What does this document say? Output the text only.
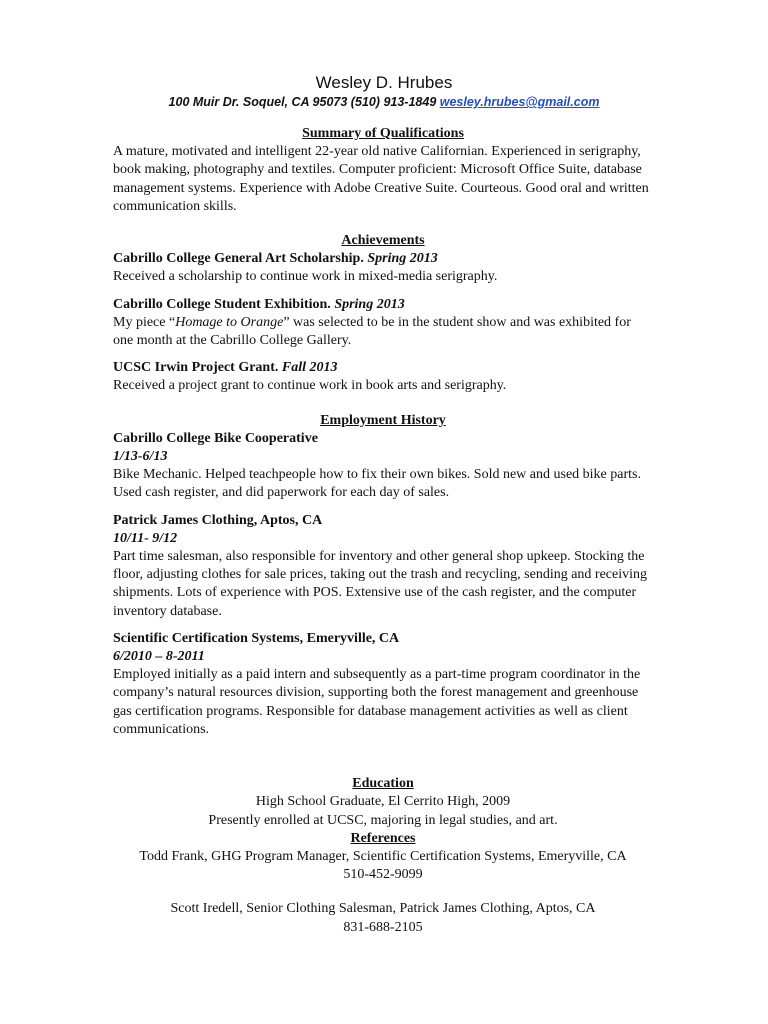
Wesley D. Hrubes
100 Muir Dr. Soquel, CA 95073 (510) 913-1849 wesley.hrubes@gmail.com

Summary of Qualifications

A mature, motivated and intelligent 22-year old native Californian. Experienced in serigraphy, book making, photography and textiles. Computer proficient: Microsoft Office Suite, database management systems. Experience with Adobe Creative Suite. Courteous. Good oral and written communication skills.

Achievements

Cabrillo College General Art Scholarship. Spring 2013

Received a scholarship to continue work in mixed-media serigraphy.

Cabrillo College Student Exhibition. Spring 2013

My piece “Homage to Orange” was selected to be in the student show and was exhibited for one month at the Cabrillo College Gallery.

UCSC Irwin Project Grant. Fall 2013

Received a project grant to continue work in book arts and serigraphy.

Employment History

Cabrillo College Bike Cooperative

1/13-6/13

Bike Mechanic. Helped teachpeople how to fix their own bikes. Sold new and used bike parts. Used cash register, and did paperwork for each day of sales.

Patrick James Clothing, Aptos, CA

10/11- 9/12

Part time salesman, also responsible for inventory and other general shop upkeep. Stocking the floor, adjusting clothes for sale prices, taking out the trash and recycling, sending and receiving shipments. Lots of experience with POS. Extensive use of the cash register, and the computer inventory database.

Scientific Certification Systems, Emeryville, CA

6/2010 – 8-2011

Employed initially as a paid intern and subsequently as a part-time program coordinator in the company’s natural resources division, supporting both the forest management and greenhouse gas certification programs. Responsible for database management activities as well as client communications.

Education

High School Graduate, El Cerrito High, 2009

Presently enrolled at UCSC, majoring in legal studies, and art.

References

Todd Frank, GHG Program Manager, Scientific Certification Systems, Emeryville, CA

510-452-9099

Scott Iredell, Senior Clothing Salesman, Patrick James Clothing, Aptos, CA

831-688-2105
